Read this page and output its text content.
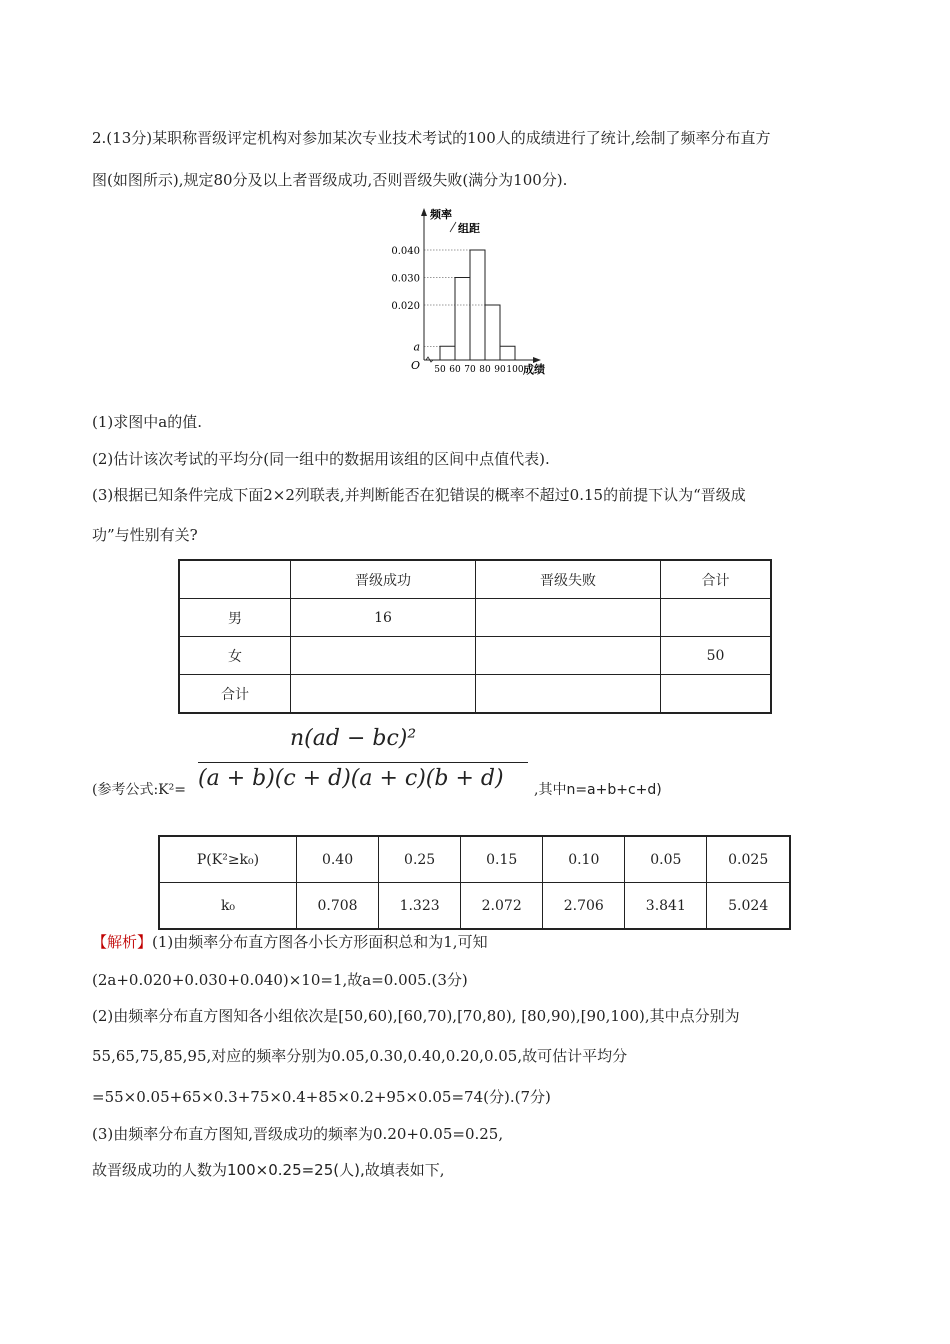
2.(13分)某职称晋级评定机构对参加某次专业技术考试的100人的成绩进行了统计,绘制了频率分布直方
图(如图所示),规定80分及以上者晋级成功,否则晋级失败(满分为100分).
频率
组距
成绩
O
a
0.020
0.030
0.040
50 60 70 80 90 100
(1)求图中a的值.
(2)估计该次考试的平均分(同一组中的数据用该组的区间中点值代表).
(3)根据已知条件完成下面2×2列联表,并判断能否在犯错误的概率不超过0.15的前提下认为“晋级成
功”与性别有关?
	晋级成功	晋级失败	合计
男	16		
女			50
合计			
n(ad − bc)²
(a + b)(c + d)(a + c)(b + d)
(参考公式:K²=	,其中n=a+b+c+d)
P(K²≥k₀)	0.40	0.25	0.15	0.10	0.05	0.025
k₀	0.708	1.323	2.072	2.706	3.841	5.024
【解析】(1)由频率分布直方图各小长方形面积总和为1,可知
(2a+0.020+0.030+0.040)×10=1,故a=0.005.(3分)
(2)由频率分布直方图知各小组依次是[50,60),[60,70),[70,80), [80,90),[90,100),其中点分别为
55,65,75,85,95,对应的频率分别为0.05,0.30,0.40,0.20,0.05,故可估计平均分
=55×0.05+65×0.3+75×0.4+85×0.2+95×0.05=74(分).(7分)
(3)由频率分布直方图知,晋级成功的频率为0.20+0.05=0.25,
故晋级成功的人数为100×0.25=25(人),故填表如下,
